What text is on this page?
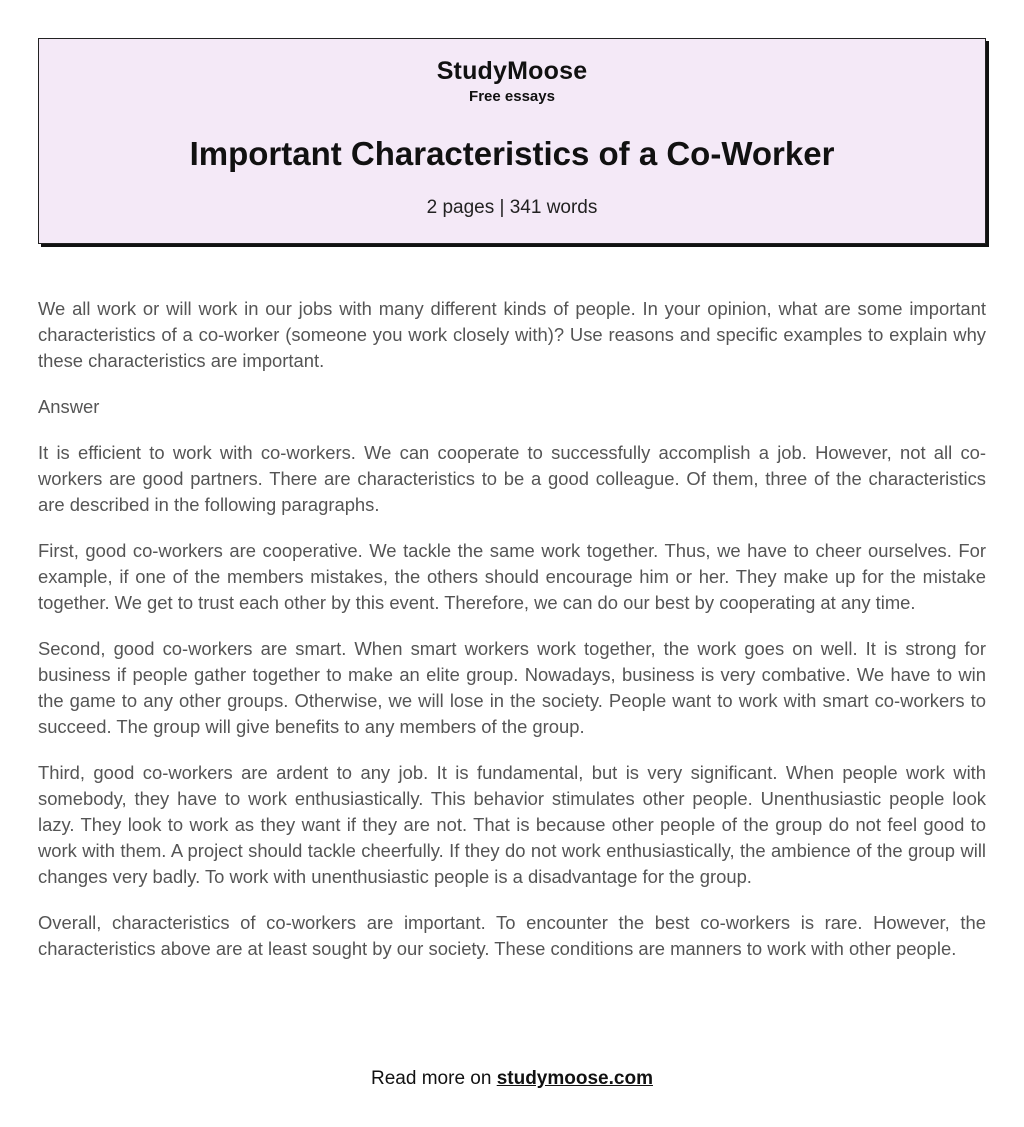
StudyMoose
Free essays
Important Characteristics of a Co-Worker
2 pages | 341 words

We all work or will work in our jobs with many different kinds of people. In your opinion, what are some important characteristics of a co-worker (someone you work closely with)? Use reasons and specific examples to explain why these characteristics are important.

Answer

It is efficient to work with co-workers. We can cooperate to successfully accomplish a job. However, not all co-workers are good partners. There are characteristics to be a good colleague. Of them, three of the characteristics are described in the following paragraphs.

First, good co-workers are cooperative. We tackle the same work together. Thus, we have to cheer ourselves. For example, if one of the members mistakes, the others should encourage him or her. They make up for the mistake together. We get to trust each other by this event. Therefore, we can do our best by cooperating at any time.

Second, good co-workers are smart. When smart workers work together, the work goes on well. It is strong for business if people gather together to make an elite group. Nowadays, business is very combative. We have to win the game to any other groups. Otherwise, we will lose in the society. People want to work with smart co-workers to succeed. The group will give benefits to any members of the group.

Third, good co-workers are ardent to any job. It is fundamental, but is very significant. When people work with somebody, they have to work enthusiastically. This behavior stimulates other people. Unenthusiastic people look lazy. They look to work as they want if they are not. That is because other people of the group do not feel good to work with them. A project should tackle cheerfully. If they do not work enthusiastically, the ambience of the group will changes very badly. To work with unenthusiastic people is a disadvantage for the group.

Overall, characteristics of co-workers are important. To encounter the best co-workers is rare. However, the characteristics above are at least sought by our society. These conditions are manners to work with other people.

Read more on studymoose.com
